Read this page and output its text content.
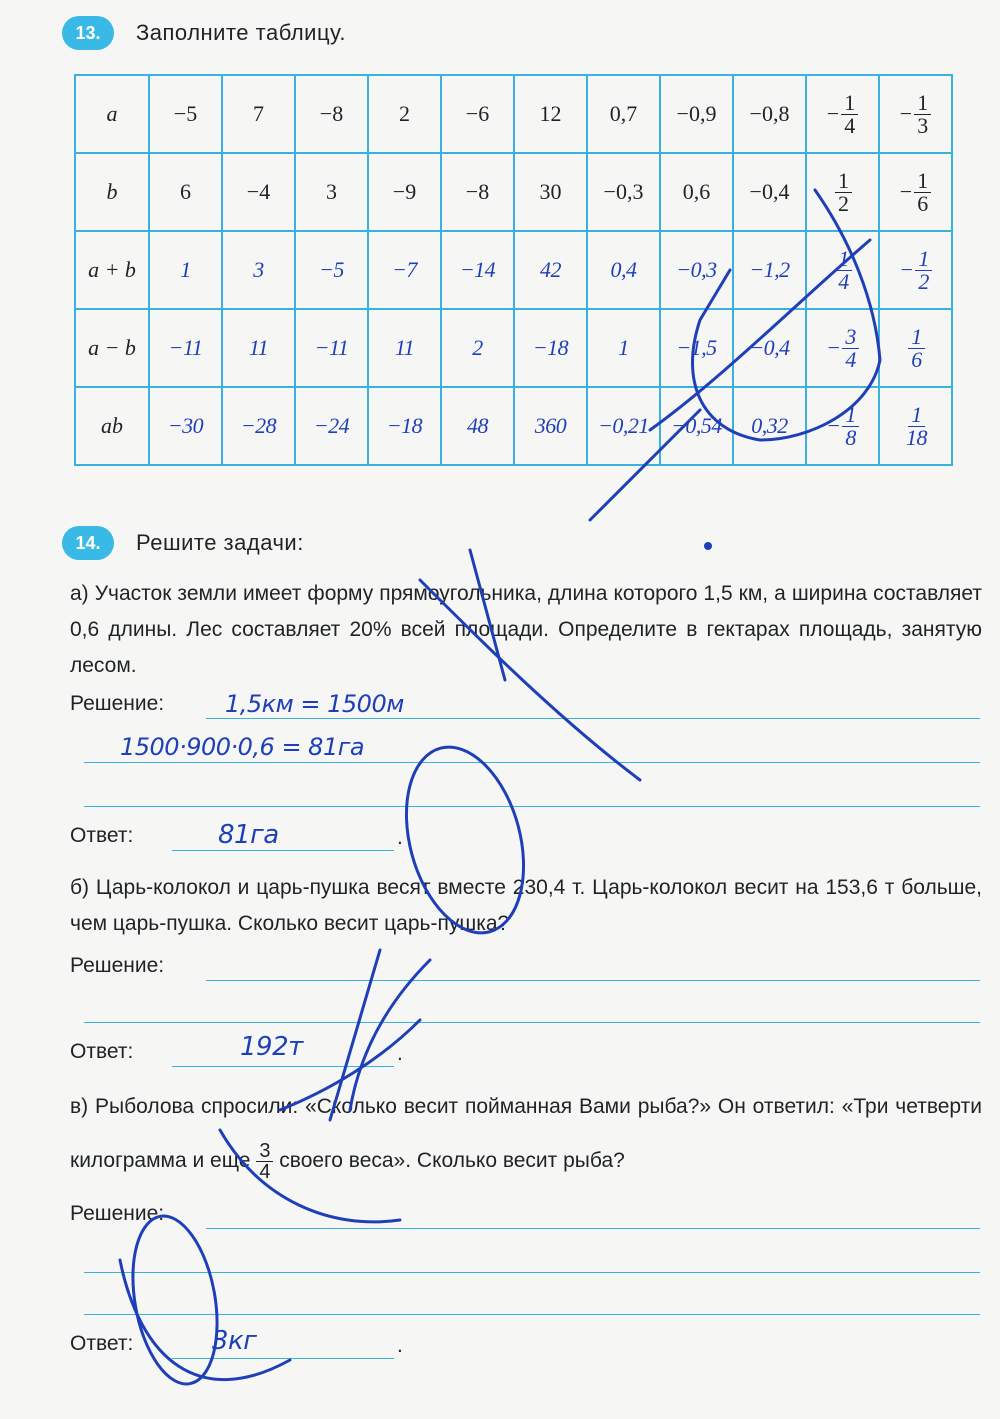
13.	Заполните таблицу.
a	−5	7	−8	2	−6	12	0,7	−0,9	−0,8	− $\frac{1}{4}$	− $\frac{1}{3}$

b	6	−4	3	−9	−8	30	−0,3	0,6	−0,4	$\frac{1}{2}$	− $\frac{1}{6}$

a + b	1	3	−5	−7	−14	42	0,4	−0,3	−1,2	$\frac{1}{4}$	− $\frac{1}{2}$

a − b	−11	11	−11	11	2	−18	1	−1,5	−0,4	− $\frac{3}{4}$	$\frac{1}{6}$

ab	−30	−28	−24	−18	48	360	−0,21	−0,54	0,32	− $\frac{1}{8}$	$\frac{1}{18}$
14.	Решите задачи:
а) Участок земли имеет форму прямоугольника, длина которого 1,5 км, а ширина составляет 0,6 длины. Лес составляет 20% всей площади. Определите в гектарах площадь, занятую лесом.
Решение:	1,5км = 1500м
1500·900·0,6 = 81га
Ответ:	81га	.
б) Царь-колокол и царь-пушка весят вместе 230,4 т. Царь-колокол весит на 153,6 т больше, чем царь-пушка. Сколько весит царь-пушка?
Решение:
Ответ:	192т	.
в) Рыболова спросили: «Сколько весит пойманная Вами рыба?» Он ответил: «Три четверти килограмма и еще $\frac{3}{4}$ своего веса». Сколько весит рыба?
Решение:
Ответ:	3кг	.
